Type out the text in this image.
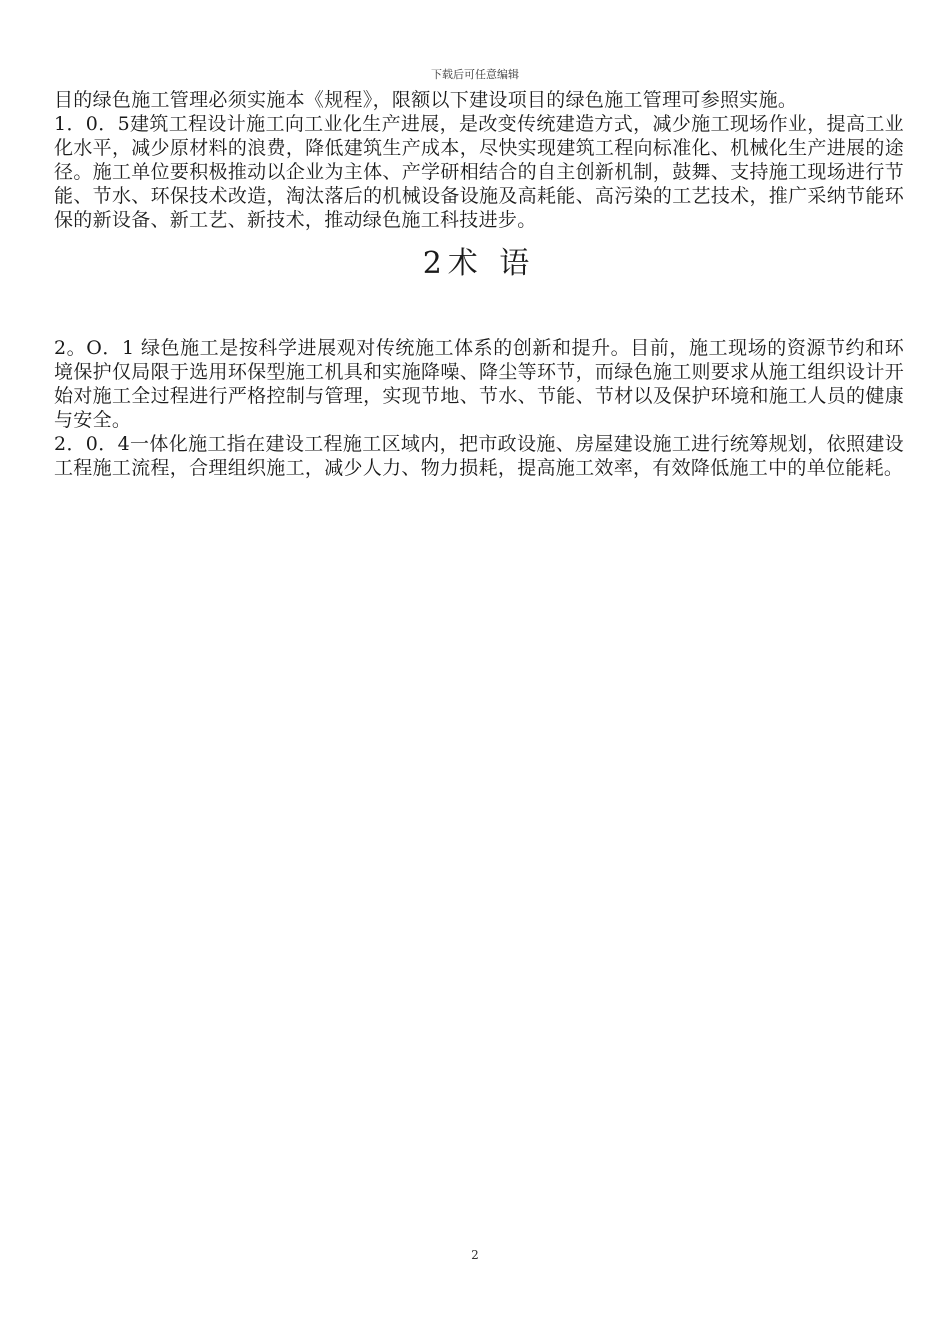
下载后可任意编辑

目的绿色施工管理必须实施本《规程》，限额以下建设项目的绿色施工管理可参照实施。

1．0．5建筑工程设计施工向工业化生产进展，是改变传统建造方式，减少施工现场作业，提高工业化水平，减少原材料的浪费，降低建筑生产成本，尽快实现建筑工程向标准化、机械化生产进展的途径。施工单位要积极推动以企业为主体、产学研相结合的自主创新机制，鼓舞、支持施工现场进行节能、节水、环保技术改造，淘汰落后的机械设备设施及高耗能、高污染的工艺技术，推广采纳节能环保的新设备、新工艺、新技术，推动绿色施工科技进步。

2术 语

2。O．1 绿色施工是按科学进展观对传统施工体系的创新和提升。目前，施工现场的资源节约和环境保护仅局限于选用环保型施工机具和实施降噪、降尘等环节，而绿色施工则要求从施工组织设计开始对施工全过程进行严格控制与管理，实现节地、节水、节能、节材以及保护环境和施工人员的健康与安全。

2．0．4一体化施工指在建设工程施工区域内，把市政设施、房屋建设施工进行统筹规划，依照建设工程施工流程，合理组织施工，减少人力、物力损耗，提高施工效率，有效降低施工中的单位能耗。

2
